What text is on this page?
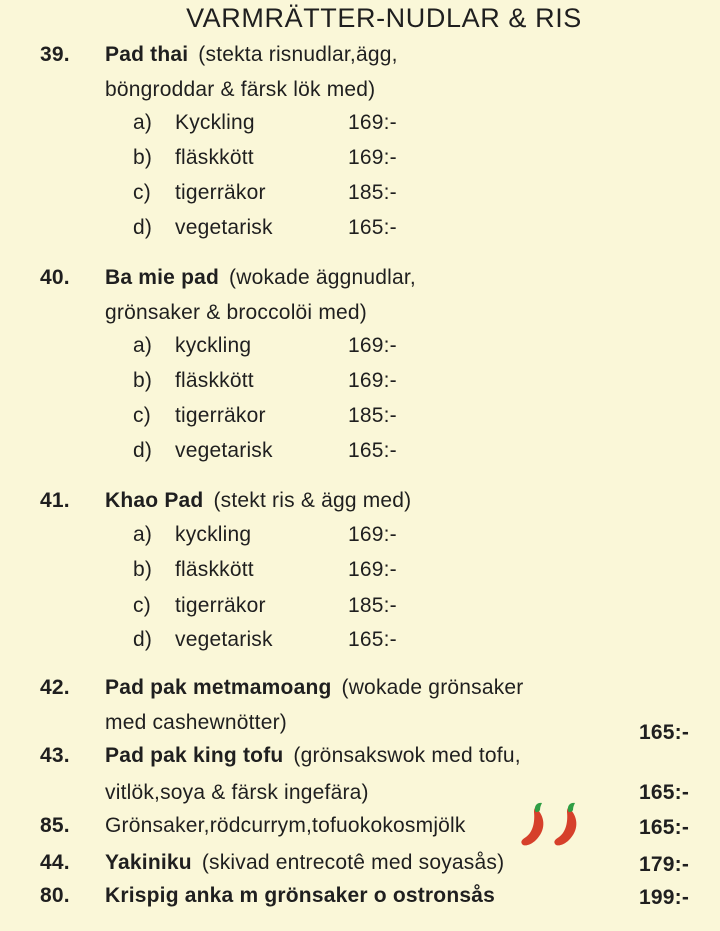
VARMRÄTTER-NUDLAR & RIS
39. Pad thai (stekta risnudlar,ägg,
böngroddar & färsk lök med)
a) Kyckling	169:-
b) fläskkött	169:-
c) tigerräkor	185:-
d) vegetarisk	165:-
40. Ba mie pad (wokade äggnudlar,
grönsaker & broccolöi med)
a) kyckling	169:-
b) fläskkött	169:-
c) tigerräkor	185:-
d) vegetarisk	165:-
41. Khao Pad (stekt ris & ägg med)
a) kyckling	169:-
b) fläskkött	169:-
c) tigerräkor	185:-
d) vegetarisk	165:-
42. Pad pak metmamoang (wokade grönsaker
med cashewnötter)	165:-
43. Pad pak king tofu (grönsakswok med tofu,
vitlök,soya & färsk ingefära)	165:-
85. Grönsaker,rödcurrym,tofuokokosmjölk	165:-
44. Yakiniku (skivad entrecotê med soyasås)	179:-
80. Krispig anka m grönsaker o ostronsås	199:-
